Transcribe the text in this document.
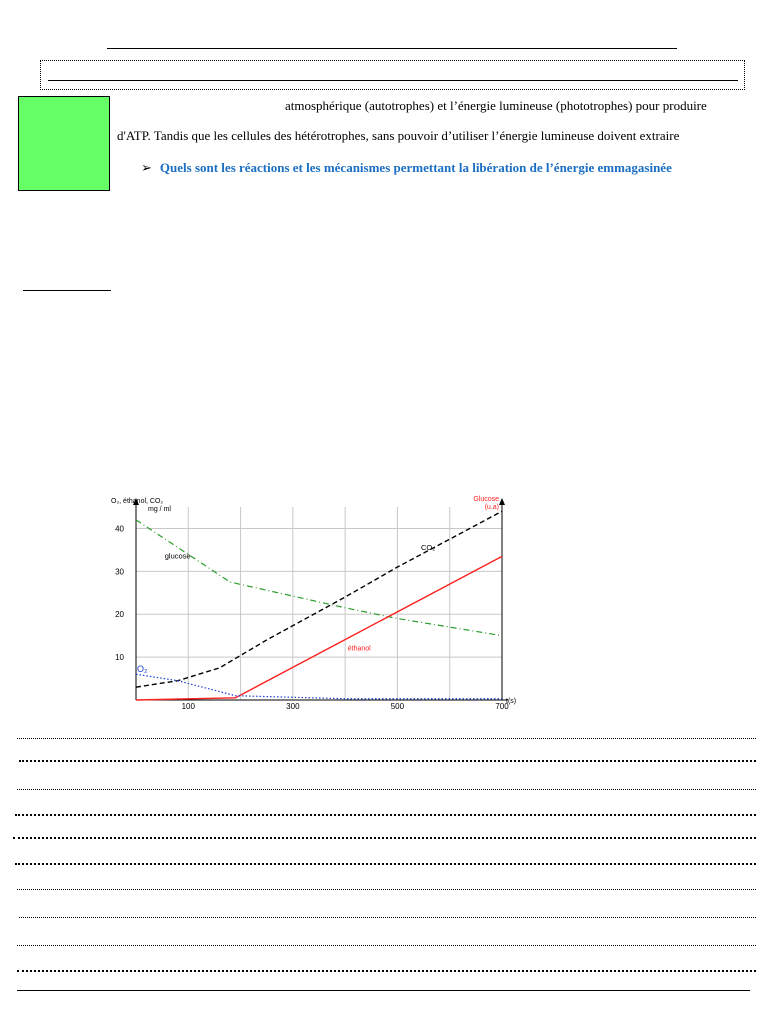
atmosphérique (autotrophes) et l’énergie lumineuse (phototrophes) pour produire
d'ATP. Tandis que les cellules des hétérotrophes, sans pouvoir d’utiliser l’énergie lumineuse doivent extraire
➢ Quels sont les réactions et les mécanismes permettant la libération de l’énergie emmagasinée
10
20
30
40
100	300	500	700
O₂, éthanol, CO₂
mg / ml
Glucose
(u.a)
t(s)
glucose
CO₂
éthanol
O₂
